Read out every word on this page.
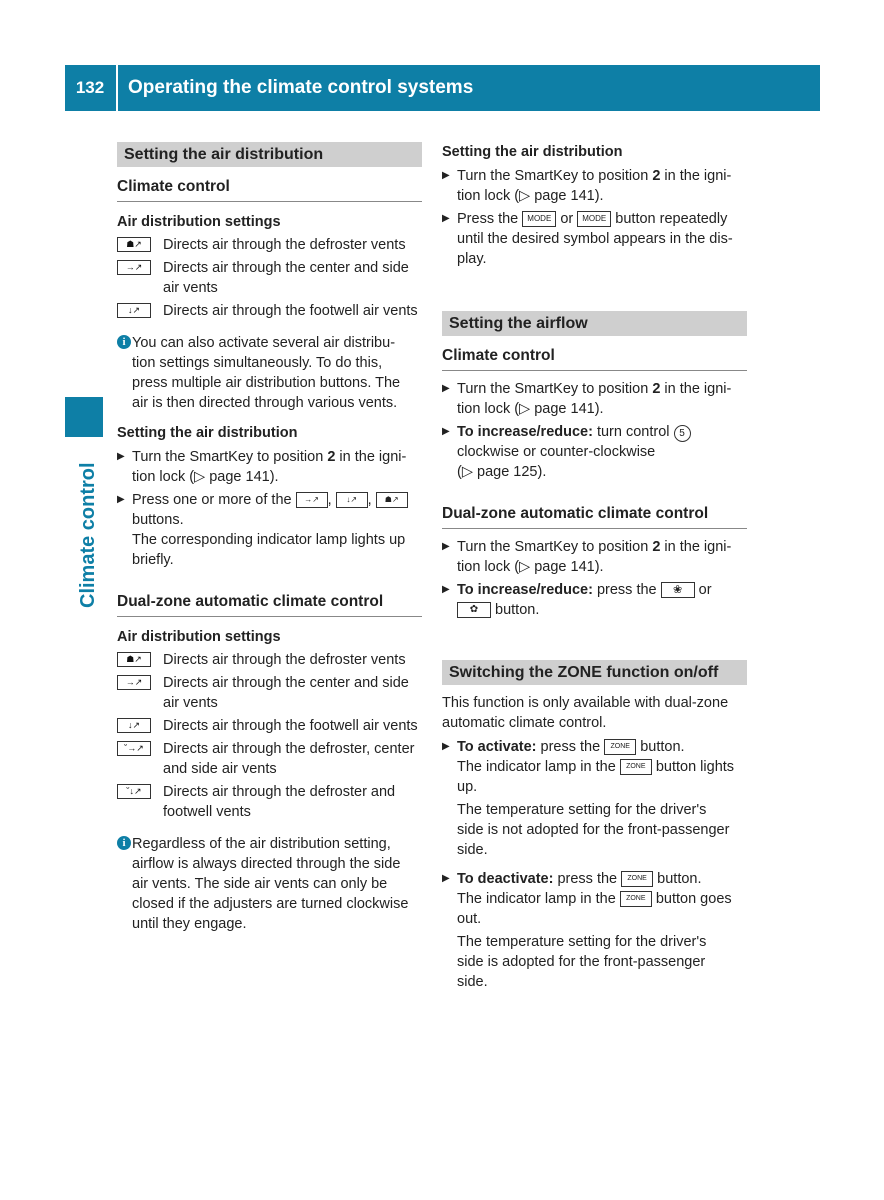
132	Operating the climate control systems
Climate control
Setting the air distribution
Climate control
Air distribution settings
☗↗	Directs air through the defroster vents
→↗	Directs air through the center and side air vents
↓↗	Directs air through the footwell air vents
i You can also activate several air distribu-
tion settings simultaneously. To do this,
press multiple air distribution buttons. The
air is then directed through various vents.
Setting the air distribution
▶ Turn the SmartKey to position 2 in the igni-
tion lock (▷ page 141).
▶ Press one or more of the →↗ , ↓↗ , ☗↗
buttons.
The corresponding indicator lamp lights up
briefly.
Dual-zone automatic climate control
Air distribution settings
☗↗	Directs air through the defroster vents
→↗	Directs air through the center and side air vents
↓↗	Directs air through the footwell air vents
˘→↗	Directs air through the defroster, center and side air vents
˘↓↗	Directs air through the defroster and footwell vents
i Regardless of the air distribution setting,
airflow is always directed through the side
air vents. The side air vents can only be
closed if the adjusters are turned clockwise
until they engage.
Setting the air distribution
▶ Turn the SmartKey to position 2 in the igni-
tion lock (▷ page 141).
▶ Press the MODE or MODE button repeatedly
until the desired symbol appears in the dis-
play.
Setting the airflow
Climate control
▶ Turn the SmartKey to position 2 in the igni-
tion lock (▷ page 141).
▶ To increase/reduce: turn control 5
clockwise or counter-clockwise
(▷ page 125).
Dual-zone automatic climate control
▶ Turn the SmartKey to position 2 in the igni-
tion lock (▷ page 141).
▶ To increase/reduce: press the ❀ or
✿ button.
Switching the ZONE function on/off
This function is only available with dual-zone
automatic climate control.
▶ To activate: press the ZONE button.
The indicator lamp in the ZONE button lights
up.
The temperature setting for the driver's
side is not adopted for the front-passenger
side.
▶ To deactivate: press the ZONE button.
The indicator lamp in the ZONE button goes
out.
The temperature setting for the driver's
side is adopted for the front-passenger
side.
